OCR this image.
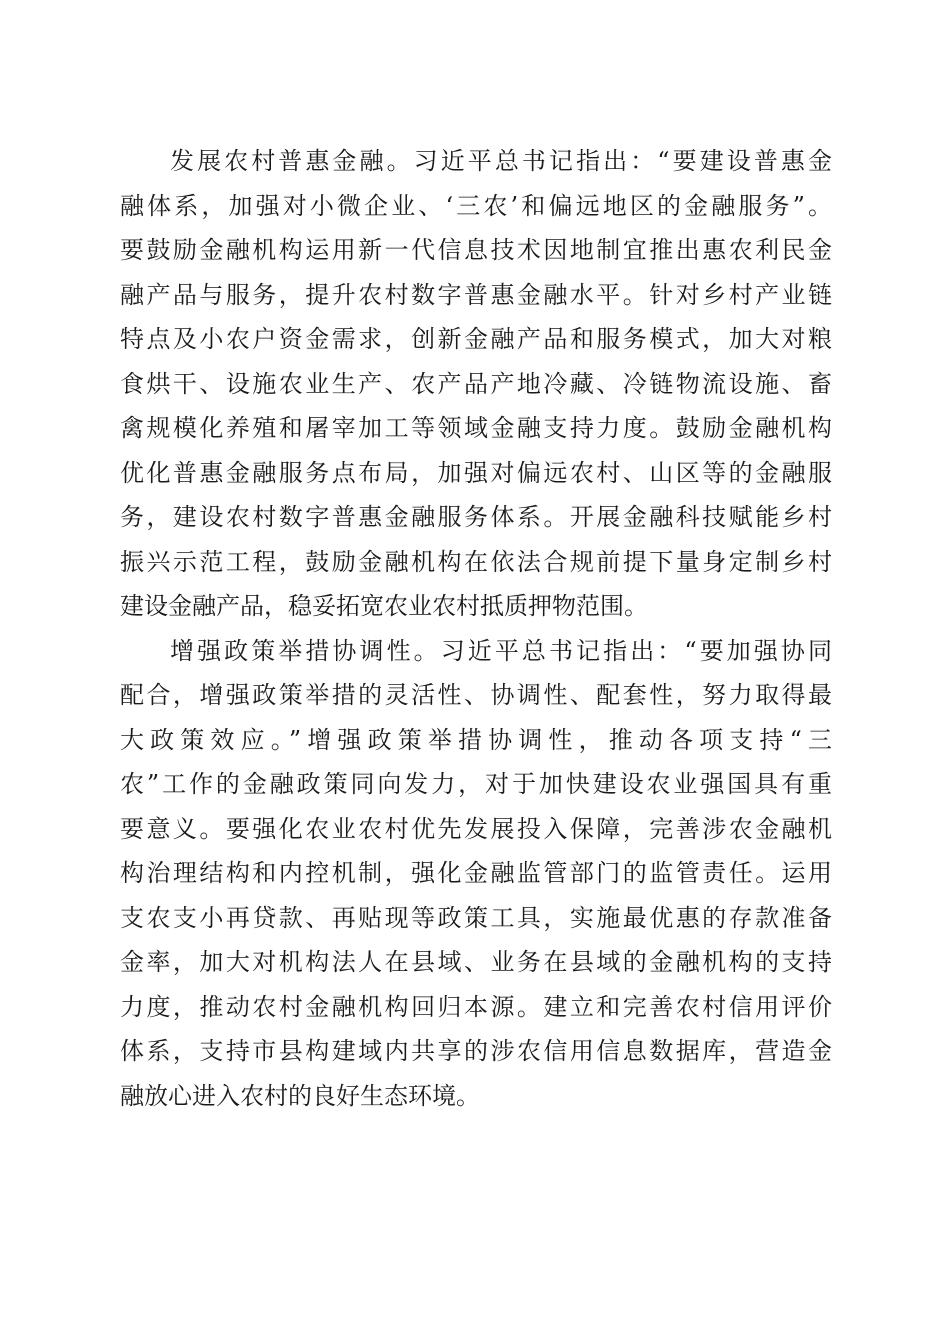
发展农村普惠金融。习近平总书记指出：“要建设普惠金
融体系，加强对小微企业、‘三农’和偏远地区的金融服务”。
要鼓励金融机构运用新一代信息技术因地制宜推出惠农利民金
融产品与服务，提升农村数字普惠金融水平。针对乡村产业链
特点及小农户资金需求，创新金融产品和服务模式，加大对粮
食烘干、设施农业生产、农产品产地冷藏、冷链物流设施、畜
禽规模化养殖和屠宰加工等领域金融支持力度。鼓励金融机构
优化普惠金融服务点布局，加强对偏远农村、山区等的金融服
务，建设农村数字普惠金融服务体系。开展金融科技赋能乡村
振兴示范工程，鼓励金融机构在依法合规前提下量身定制乡村
建设金融产品，稳妥拓宽农业农村抵质押物范围。
增强政策举措协调性。习近平总书记指出：“要加强协同
配合，增强政策举措的灵活性、协调性、配套性，努力取得最
大政策效应。”增强政策举措协调性，推动各项支持“三
农”工作的金融政策同向发力，对于加快建设农业强国具有重
要意义。要强化农业农村优先发展投入保障，完善涉农金融机
构治理结构和内控机制，强化金融监管部门的监管责任。运用
支农支小再贷款、再贴现等政策工具，实施最优惠的存款准备
金率，加大对机构法人在县域、业务在县域的金融机构的支持
力度，推动农村金融机构回归本源。建立和完善农村信用评价
体系，支持市县构建域内共享的涉农信用信息数据库，营造金
融放心进入农村的良好生态环境。
